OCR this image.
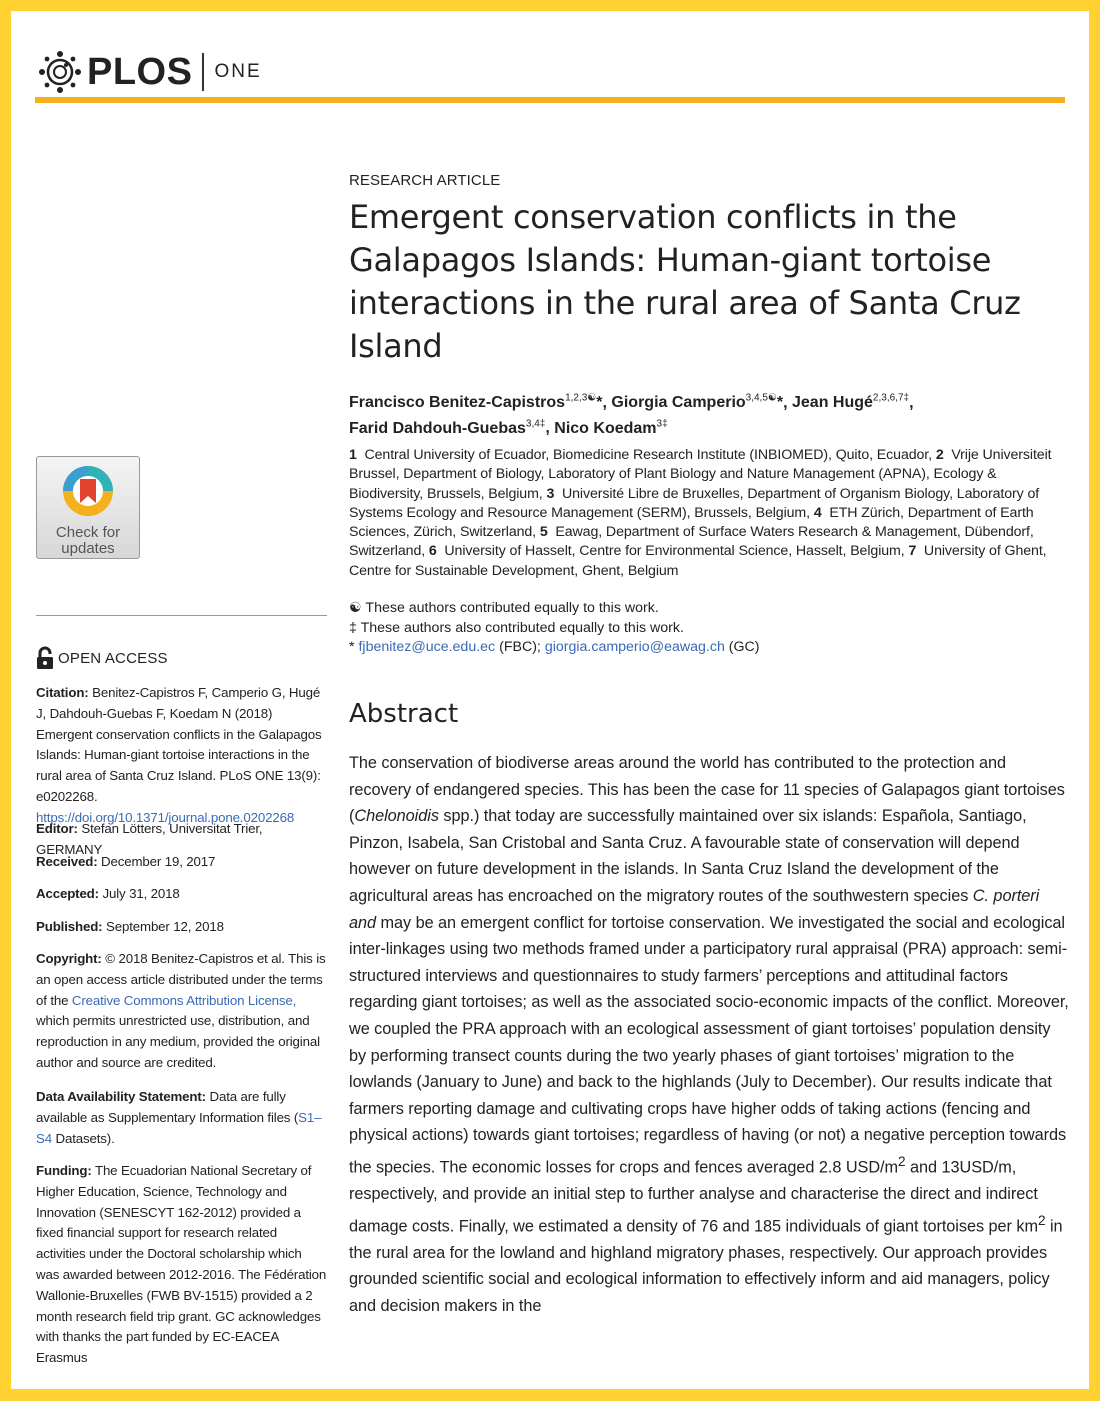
PLOS ONE
Check for
updates
OPEN ACCESS
Citation: Benitez-Capistros F, Camperio G, Hugé J, Dahdouh-Guebas F, Koedam N (2018) Emergent conservation conflicts in the Galapagos Islands: Human-giant tortoise interactions in the rural area of Santa Cruz Island. PLoS ONE 13(9): e0202268.
https://doi.org/10.1371/journal.pone.0202268
Editor: Stefan Lötters, Universitat Trier, GERMANY
Received: December 19, 2017
Accepted: July 31, 2018
Published: September 12, 2018
Copyright: © 2018 Benitez-Capistros et al. This is an open access article distributed under the terms of the Creative Commons Attribution License, which permits unrestricted use, distribution, and reproduction in any medium, provided the original author and source are credited.
Data Availability Statement: Data are fully available as Supplementary Information files (S1–S4 Datasets).
Funding: The Ecuadorian National Secretary of Higher Education, Science, Technology and Innovation (SENESCYT 162-2012) provided a fixed financial support for research related activities under the Doctoral scholarship which was awarded between 2012-2016. The Fédération Wallonie-Bruxelles (FWB BV-1515) provided a 2 month research field trip grant. GC acknowledges with thanks the part funded by EC-EACEA Erasmus
RESEARCH ARTICLE
Emergent conservation conflicts in the Galapagos Islands: Human-giant tortoise interactions in the rural area of Santa Cruz Island
Francisco Benitez-Capistros$^{1,2,3☯}$*, Giorgia Camperio$^{3,4,5☯}$*, Jean Hugé$^{2,3,6,7\ddagger}$,
Farid Dahdouh-Guebas$^{3,4\ddagger}$, Nico Koedam$^{3\ddagger}$
1 Central University of Ecuador, Biomedicine Research Institute (INBIOMED), Quito, Ecuador, 2 Vrije Universiteit Brussel, Department of Biology, Laboratory of Plant Biology and Nature Management (APNA), Ecology & Biodiversity, Brussels, Belgium, 3 Université Libre de Bruxelles, Department of Organism Biology, Laboratory of Systems Ecology and Resource Management (SERM), Brussels, Belgium, 4 ETH Zürich, Department of Earth Sciences, Zürich, Switzerland, 5 Eawag, Department of Surface Waters Research & Management, Dübendorf, Switzerland, 6 University of Hasselt, Centre for Environmental Science, Hasselt, Belgium, 7 University of Ghent, Centre for Sustainable Development, Ghent, Belgium
☯ These authors contributed equally to this work.
‡ These authors also contributed equally to this work.
* fjbenitez@uce.edu.ec (FBC); giorgia.camperio@eawag.ch (GC)
Abstract
The conservation of biodiverse areas around the world has contributed to the protection and recovery of endangered species. This has been the case for 11 species of Galapagos giant tortoises (Chelonoidis spp.) that today are successfully maintained over six islands: Española, Santiago, Pinzon, Isabela, San Cristobal and Santa Cruz. A favourable state of conservation will depend however on future development in the islands. In Santa Cruz Island the development of the agricultural areas has encroached on the migratory routes of the southwestern species C. porteri and may be an emergent conflict for tortoise conservation. We investigated the social and ecological inter-linkages using two methods framed under a participatory rural appraisal (PRA) approach: semi-structured interviews and questionnaires to study farmers’ perceptions and attitudinal factors regarding giant tortoises; as well as the associated socio-economic impacts of the conflict. Moreover, we coupled the PRA approach with an ecological assessment of giant tortoises’ population density by performing transect counts during the two yearly phases of giant tortoises’ migration to the lowlands (January to June) and back to the highlands (July to December). Our results indicate that farmers reporting damage and cultivating crops have higher odds of taking actions (fencing and physical actions) towards giant tortoises; regardless of having (or not) a negative perception towards the species. The economic losses for crops and fences averaged 2.8 USD/$m^2$ and 13USD/m, respectively, and provide an initial step to further analyse and characterise the direct and indirect damage costs. Finally, we estimated a density of 76 and 185 individuals of giant tortoises per $km^2$ in the rural area for the lowland and highland migratory phases, respectively. Our approach provides grounded scientific social and ecological information to effectively inform and aid managers, policy and decision makers in the
